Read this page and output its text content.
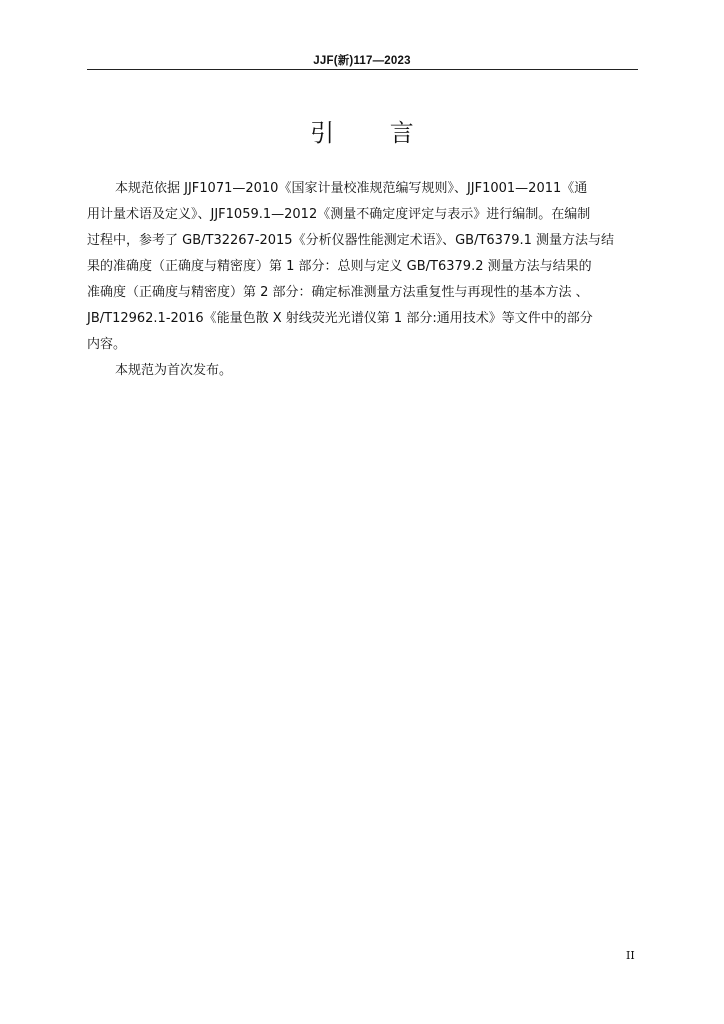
JJF(新)117—2023
引 言
本规范依据 JJF1071—2010《国家计量校准规范编写规则》、JJF1001—2011《通
用计量术语及定义》、JJF1059.1—2012《测量不确定度评定与表示》进行编制。在编制
过程中，参考了 GB/T32267-2015《分析仪器性能测定术语》、GB/T6379.1 测量方法与结
果的准确度（正确度与精密度）第 1 部分：总则与定义 GB/T6379.2 测量方法与结果的
准确度（正确度与精密度）第 2 部分：确定标准测量方法重复性与再现性的基本方法 、
JB/T12962.1-2016《能量色散 X 射线荧光光谱仪第 1 部分:通用技术》等文件中的部分
内容。

本规范为首次发布。

II
